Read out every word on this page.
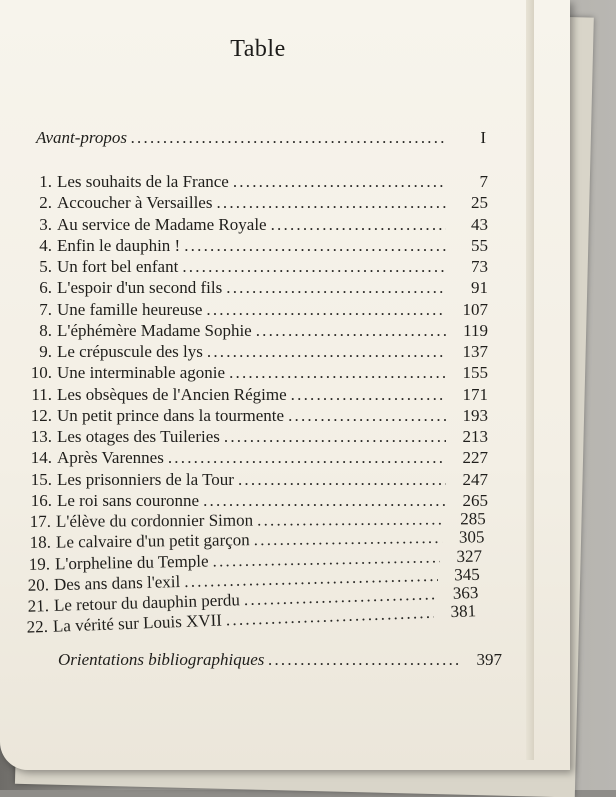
Table
Avant-propos .....	I
1. Les souhaits de la France .....	7
2. Accoucher à Versailles .....	25
3. Au service de Madame Royale .....	43
4. Enfin le dauphin ! .....	55
5. Un fort bel enfant .....	73
6. L'espoir d'un second fils .....	91
7. Une famille heureuse .....	107
8. L'éphémère Madame Sophie .....	119
9. Le crépuscule des lys .....	137
10. Une interminable agonie .....	155
11. Les obsèques de l'Ancien Régime .....	171
12. Un petit prince dans la tourmente .....	193
13. Les otages des Tuileries .....	213
14. Après Varennes .....	227
15. Les prisonniers de la Tour .....	247
16. Le roi sans couronne .....	265
17. L'élève du cordonnier Simon .....	285
18. Le calvaire d'un petit garçon .....	305
19. L'orpheline du Temple .....	327
20. Des ans dans l'exil .....	345
21. Le retour du dauphin perdu .....	363
22. La vérité sur Louis XVII .....	381
Orientations bibliographiques .....	397
